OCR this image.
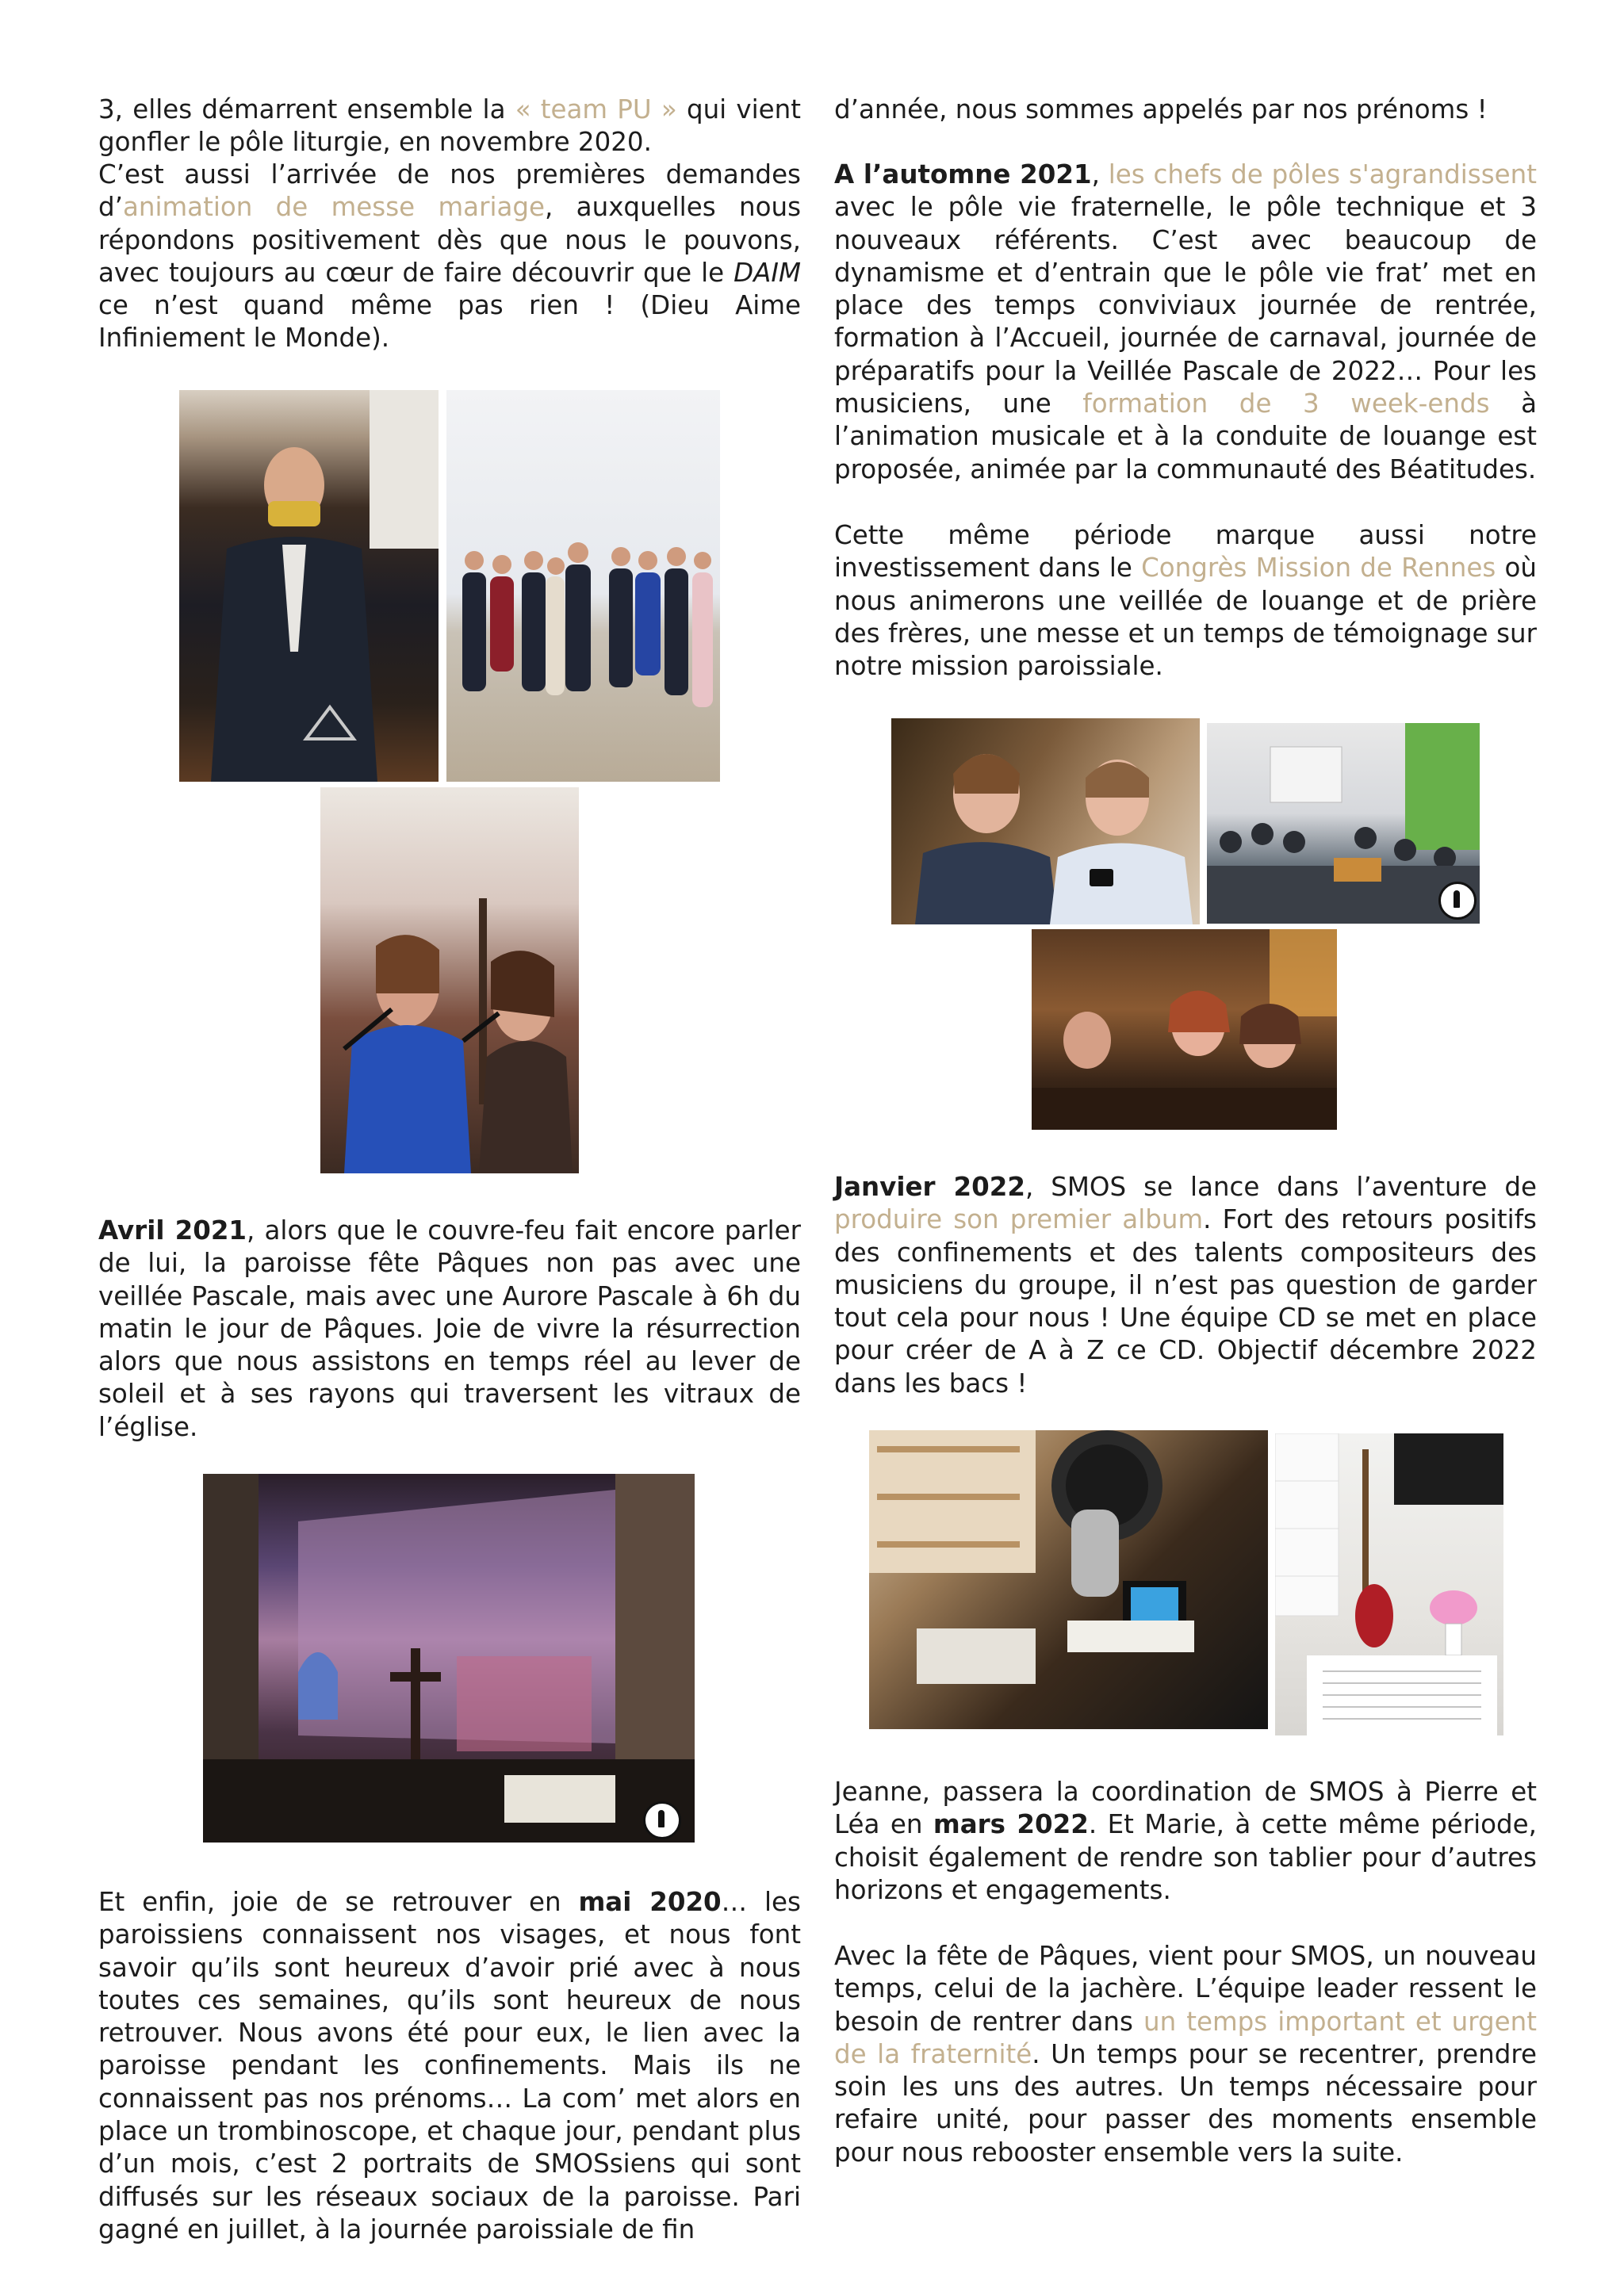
3, elles démarrent ensemble la « team PU » qui vient gonfler le pôle liturgie, en novembre 2020.

C’est aussi l’arrivée de nos premières demandes d’animation de messe mariage, auxquelles nous répondons positivement dès que nous le pouvons, avec toujours au cœur de faire découvrir que le DAIM ce n’est quand même pas rien ! (Dieu Aime Infiniement le Monde).

Avril 2021, alors que le couvre-feu fait encore parler de lui, la paroisse fête Pâques non pas avec une veillée Pascale, mais avec une Aurore Pascale à 6h du matin le jour de Pâques. Joie de vivre la résurrection alors que nous assistons en temps réel au lever de soleil et à ses rayons qui traversent les vitraux de l’église.

Et enfin, joie de se retrouver en mai 2020… les paroissiens connaissent nos visages, et nous font savoir qu’ils sont heureux d’avoir prié avec à nous toutes ces semaines, qu’ils sont heureux de nous retrouver. Nous avons été pour eux, le lien avec la paroisse pendant les confinements. Mais ils ne connaissent pas nos prénoms… La com’ met alors en place un trombinoscope, et chaque jour, pendant plus d’un mois, c’est 2 portraits de SMOSsiens qui sont diffusés sur les réseaux sociaux de la paroisse. Pari gagné en juillet, à la journée paroissiale de fin

d’année, nous sommes appelés par nos prénoms !

A l’automne 2021, les chefs de pôles s'agrandissent avec le pôle vie fraternelle, le pôle technique et 3 nouveaux référents. C’est avec beaucoup de dynamisme et d’entrain que le pôle vie frat’ met en place des temps conviviaux journée de rentrée, formation à l’Accueil, journée de carnaval, journée de préparatifs pour la Veillée Pascale de 2022… Pour les musiciens, une formation de 3 week-ends à l’animation musicale et à la conduite de louange est proposée, animée par la communauté des Béatitudes.

Cette même période marque aussi notre investissement dans le Congrès Mission de Rennes où nous animerons une veillée de louange et de prière des frères, une messe et un temps de témoignage sur notre mission paroissiale.

Janvier 2022, SMOS se lance dans l’aventure de produire son premier album. Fort des retours positifs des confinements et des talents compositeurs des musiciens du groupe, il n’est pas question de garder tout cela pour nous ! Une équipe CD se met en place pour créer de A à Z ce CD. Objectif décembre 2022 dans les bacs !

Jeanne, passera la coordination de SMOS à Pierre et Léa en mars 2022. Et Marie, à cette même période, choisit également de rendre son tablier pour d’autres horizons et engagements.

Avec la fête de Pâques, vient pour SMOS, un nouveau temps, celui de la jachère. L’équipe leader ressent le besoin de rentrer dans un temps important et urgent de la fraternité. Un temps pour se recentrer, prendre soin les uns des autres. Un temps nécessaire pour refaire unité, pour passer des moments ensemble pour nous rebooster ensemble vers la suite.
